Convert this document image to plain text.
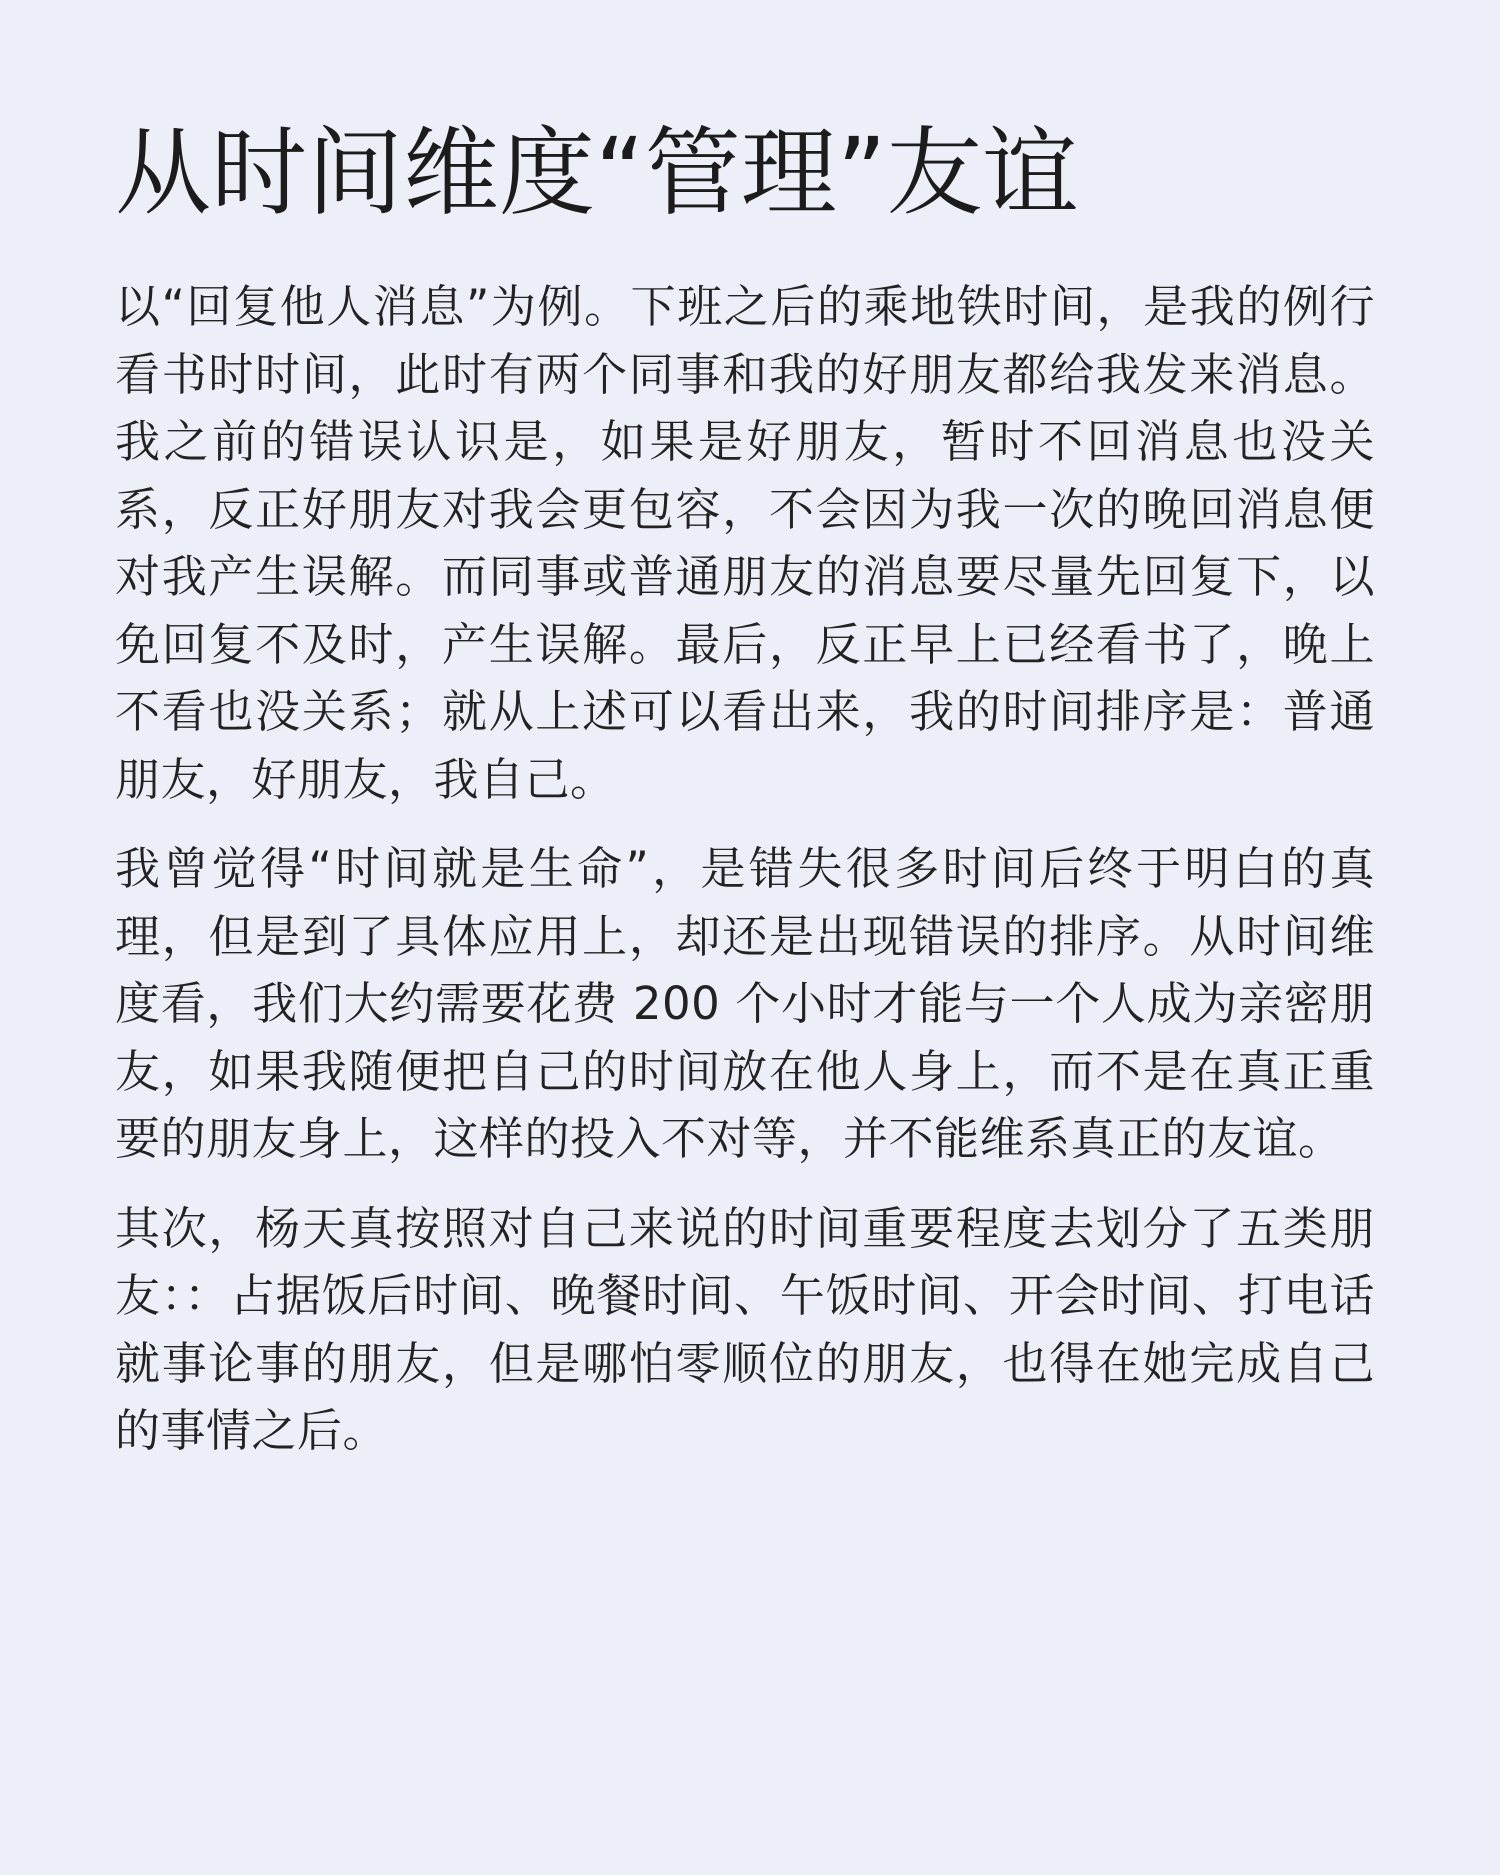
从时间维度“管理”友谊

以“回复他人消息”为例。下班之后的乘地铁时间，是我的例行看书时时间，此时有两个同事和我的好朋友都给我发来消息。我之前的错误认识是，如果是好朋友，暂时不回消息也没关系，反正好朋友对我会更包容，不会因为我一次的晚回消息便对我产生误解。而同事或普通朋友的消息要尽量先回复下，以免回复不及时，产生误解。最后，反正早上已经看书了，晚上不看也没关系；就从上述可以看出来，我的时间排序是：普通朋友，好朋友，我自己。

我曾觉得“时间就是生命”，是错失很多时间后终于明白的真理，但是到了具体应用上，却还是出现错误的排序。从时间维度看，我们大约需要花费 200 个小时才能与一个人成为亲密朋友，如果我随便把自己的时间放在他人身上，而不是在真正重要的朋友身上，这样的投入不对等，并不能维系真正的友谊。

其次，杨天真按照对自己来说的时间重要程度去划分了五类朋友：：占据饭后时间、晚餐时间、午饭时间、开会时间、打电话就事论事的朋友，但是哪怕零顺位的朋友，也得在她完成自己的事情之后。
